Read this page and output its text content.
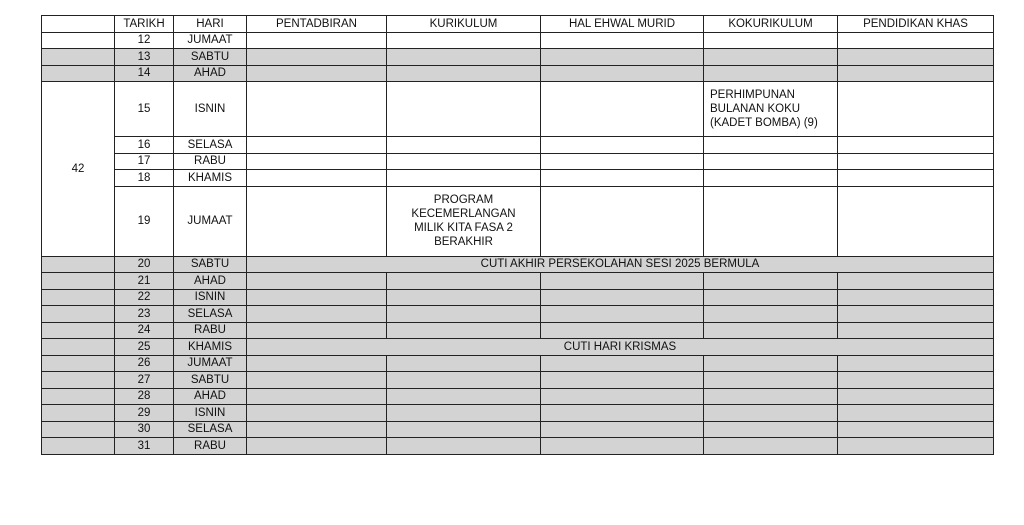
	TARIKH	HARI	PENTADBIRAN	KURIKULUM	HAL EHWAL MURID	KOKURIKULUM	PENDIDIKAN KHAS
	12	JUMAAT					
	13	SABTU					
	14	AHAD					
42	15	ISNIN				PERHIMPUNAN
BULANAN KOKU
(KADET BOMBA) (9)	

	16	SELASA					
	17	RABU					
	18	KHAMIS					
	19	JUMAAT		PROGRAM
KECEMERLANGAN
MILIK KITA FASA 2
BERAKHIR			

	20	SABTU	CUTI AKHIR PERSEKOLAHAN SESI 2025 BERMULA				
	21	AHAD					
	22	ISNIN					
	23	SELASA					
	24	RABU					
	25	KHAMIS	CUTI HARI KRISMAS				
	26	JUMAAT					
	27	SABTU					
	28	AHAD					
	29	ISNIN					
	30	SELASA					
	31	RABU					
